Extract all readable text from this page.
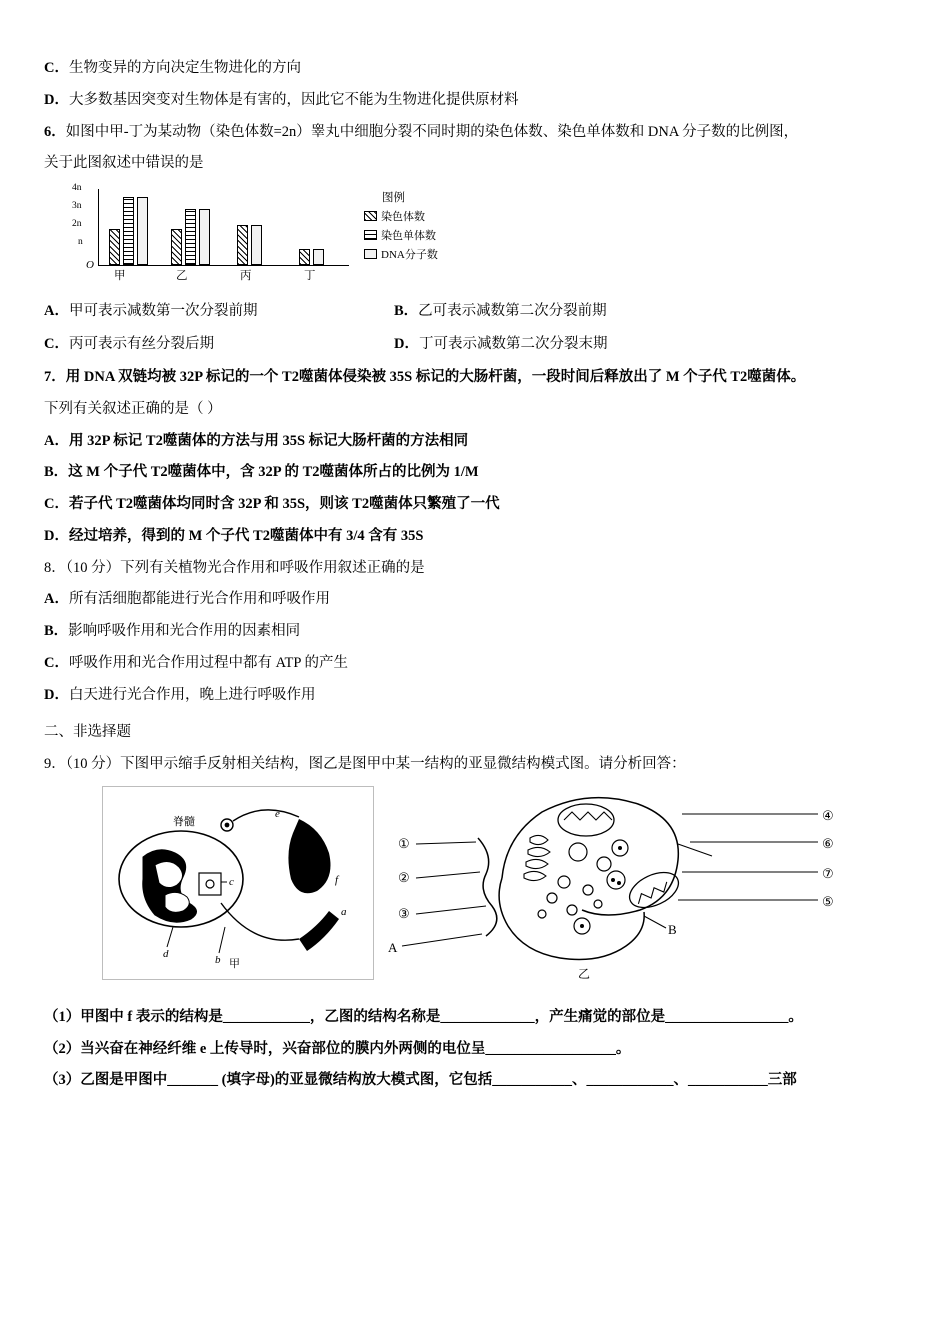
C．生物变异的方向决定生物进化的方向
D．大多数基因突变对生物体是有害的，因此它不能为生物进化提供原材料
6．如图中甲-丁为某动物（染色体数=2n）睾丸中细胞分裂不同时期的染色体数、染色单体数和 DNA 分子数的比例图，
关于此图叙述中错误的是
4n
3n
2n
n
O
甲	乙	丙	丁
图例
染色体数
染色单体数
DNA分子数
A．甲可表示减数第一次分裂前期	B．乙可表示减数第二次分裂前期
C．丙可表示有丝分裂后期	D．丁可表示减数第二次分裂末期
7．用 DNA 双链均被 32P 标记的一个 T2噬菌体侵染被 35S 标记的大肠杆菌，一段时间后释放出了 M 个子代 T2噬菌体。
下列有关叙述正确的是（ ）
A．用 32P 标记 T2噬菌体的方法与用 35S 标记大肠杆菌的方法相同
B．这 M 个子代 T2噬菌体中，含 32P 的 T2噬菌体所占的比例为 1/M
C．若子代 T2噬菌体均同时含 32P 和 35S，则该 T2噬菌体只繁殖了一代
D．经过培养，得到的 M 个子代 T2噬菌体中有 3/4 含有 35S
8．（10 分）下列有关植物光合作用和呼吸作用叙述正确的是
A．所有活细胞都能进行光合作用和呼吸作用
B．影响呼吸作用和光合作用的因素相同
C．呼吸作用和光合作用过程中都有 ATP 的产生
D．白天进行光合作用，晚上进行呼吸作用
二、非选择题
9．（10 分）下图甲示缩手反射相关结构，图乙是图甲中某一结构的亚显微结构模式图。请分析回答：
脊髓
e
f
c
a
d	b 甲
①
②
③
A
④
⑥
⑦
⑤
B
乙
（1）甲图中 f 表示的结构是____________，乙图的结构名称是_____________，产生痛觉的部位是_________________。
（2）当兴奋在神经纤维 e 上传导时，兴奋部位的膜内外两侧的电位呈__________________。
（3）乙图是甲图中_______ (填字母)的亚显微结构放大模式图，它包括___________、____________、___________三部
